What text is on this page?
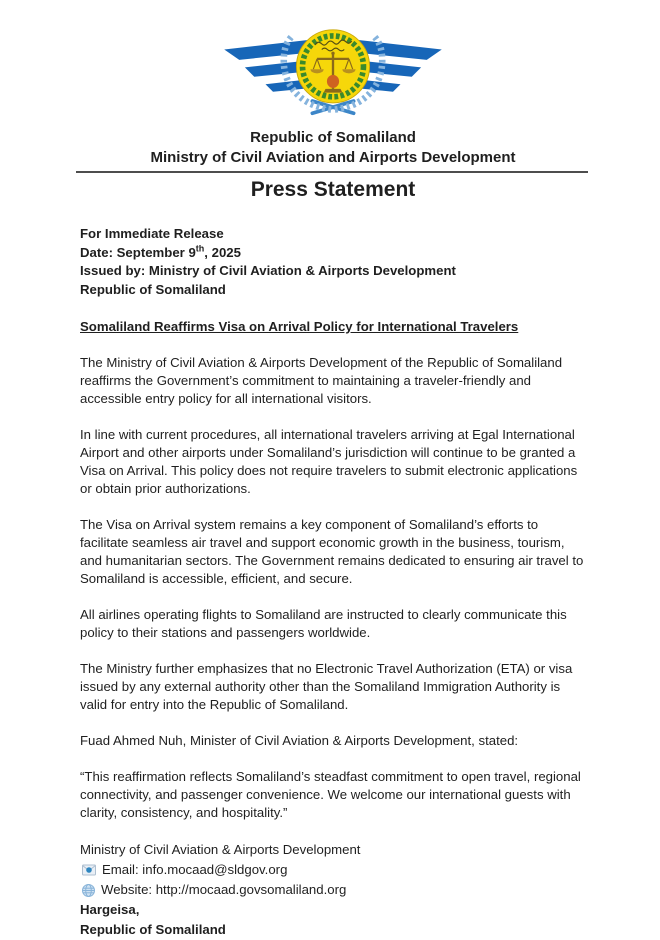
Republic of Somaliland
Ministry of Civil Aviation and Airports Development
Press Statement
For Immediate Release
Date: September 9th, 2025
Issued by: Ministry of Civil Aviation & Airports Development
Republic of Somaliland
Somaliland Reaffirms Visa on Arrival Policy for International Travelers

The Ministry of Civil Aviation & Airports Development of the Republic of Somaliland reaffirms the Government’s commitment to maintaining a traveler-friendly and accessible entry policy for all international visitors.

In line with current procedures, all international travelers arriving at Egal International Airport and other airports under Somaliland’s jurisdiction will continue to be granted a Visa on Arrival. This policy does not require travelers to submit electronic applications or obtain prior authorizations.

The Visa on Arrival system remains a key component of Somaliland’s efforts to facilitate seamless air travel and support economic growth in the business, tourism, and humanitarian sectors. The Government remains dedicated to ensuring air travel to Somaliland is accessible, efficient, and secure.

All airlines operating flights to Somaliland are instructed to clearly communicate this policy to their stations and passengers worldwide.

The Ministry further emphasizes that no Electronic Travel Authorization (ETA) or visa issued by any external authority other than the Somaliland Immigration Authority is valid for entry into the Republic of Somaliland.

Fuad Ahmed Nuh, Minister of Civil Aviation & Airports Development, stated:

“This reaffirmation reflects Somaliland’s steadfast commitment to open travel, regional connectivity, and passenger convenience. We welcome our international guests with clarity, consistency, and hospitality.”

Ministry of Civil Aviation & Airports Development
Email: info.mocaad@sldgov.org
Website: http://mocaad.govsomaliland.org
Hargeisa,
Republic of Somaliland
